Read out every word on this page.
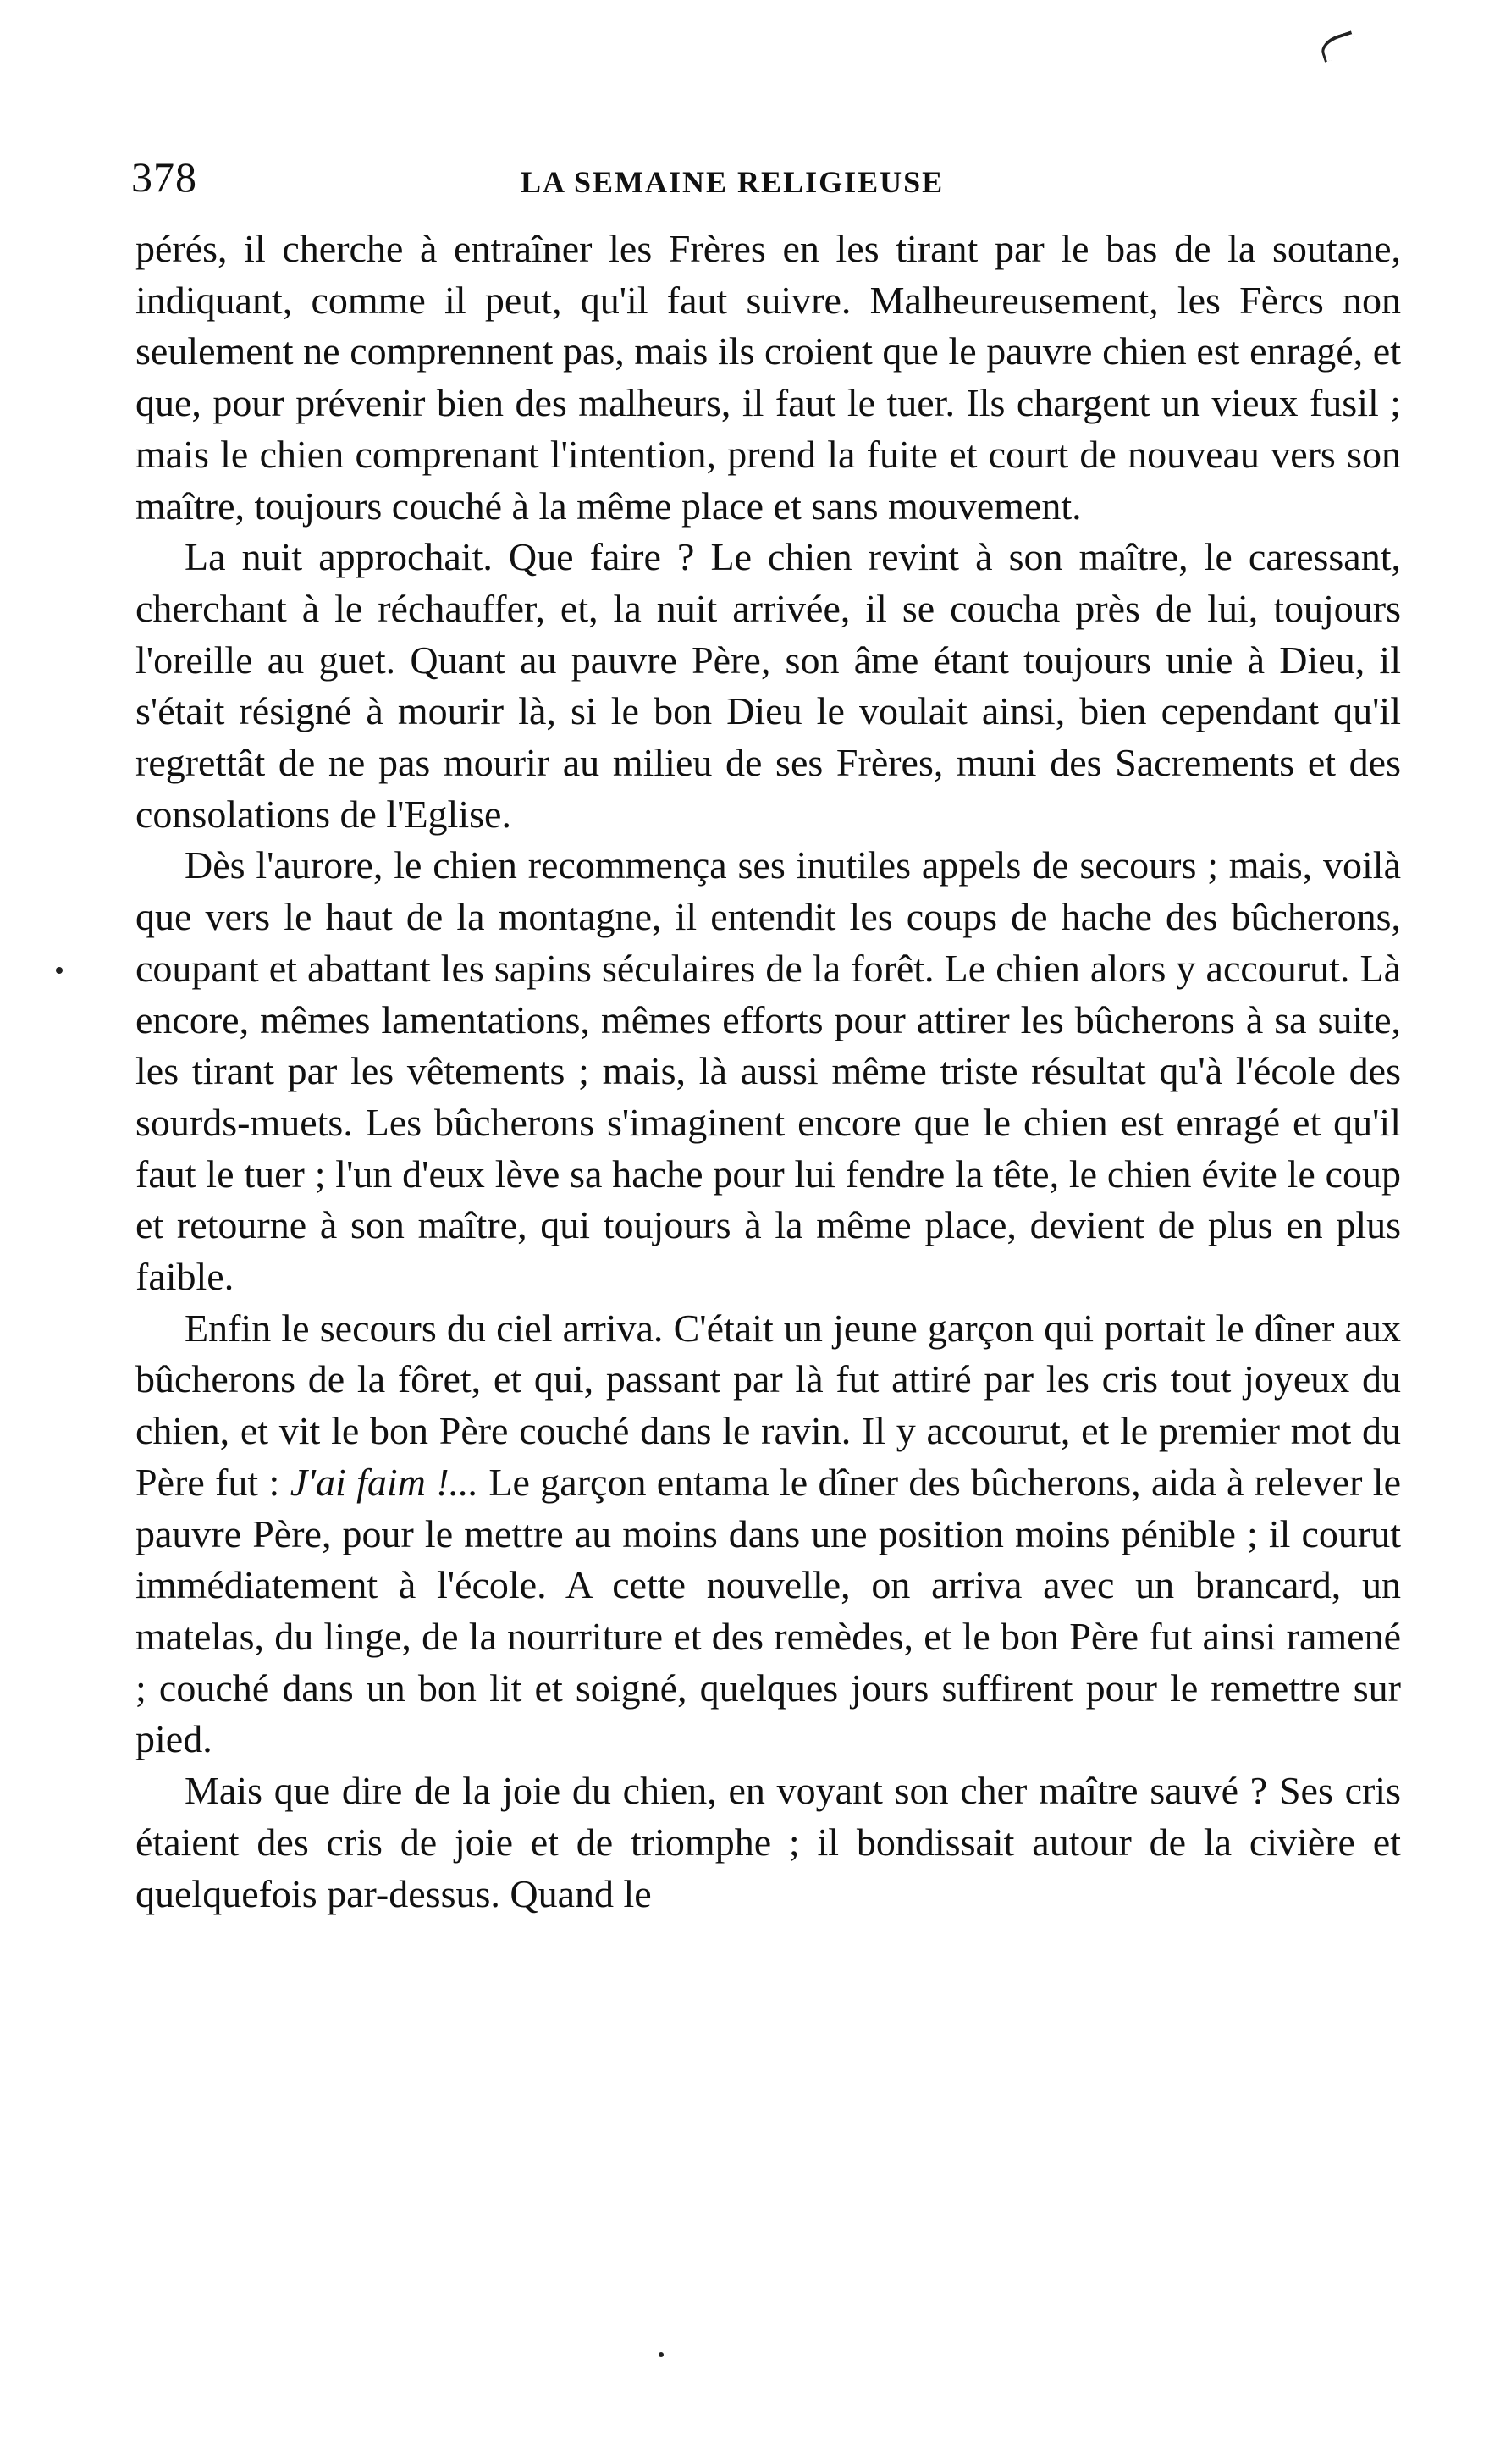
378	LA SEMAINE RELIGIEUSE

pérés, il cherche à entraîner les Frères en les tirant par le bas de la soutane, indiquant, comme il peut, qu'il faut suivre. Malheureusement, les Fèrcs non seulement ne comprennent pas, mais ils croient que le pauvre chien est enragé, et que, pour prévenir bien des malheurs, il faut le tuer. Ils chargent un vieux fusil ; mais le chien comprenant l'intention, prend la fuite et court de nouveau vers son maître, toujours couché à la même place et sans mouvement.

La nuit approchait. Que faire ? Le chien revint à son maître, le caressant, cherchant à le réchauffer, et, la nuit arrivée, il se coucha près de lui, toujours l'oreille au guet. Quant au pauvre Père, son âme étant toujours unie à Dieu, il s'était résigné à mourir là, si le bon Dieu le voulait ainsi, bien cependant qu'il regrettât de ne pas mourir au milieu de ses Frères, muni des Sacrements et des consolations de l'Eglise.

Dès l'aurore, le chien recommença ses inutiles appels de secours ; mais, voilà que vers le haut de la montagne, il entendit les coups de hache des bûcherons, coupant et abattant les sapins séculaires de la forêt. Le chien alors y accourut. Là encore, mêmes lamentations, mêmes efforts pour attirer les bûcherons à sa suite, les tirant par les vêtements ; mais, là aussi même triste résultat qu'à l'école des sourds-muets. Les bûcherons s'imaginent encore que le chien est enragé et qu'il faut le tuer ; l'un d'eux lève sa hache pour lui fendre la tête, le chien évite le coup et retourne à son maître, qui toujours à la même place, devient de plus en plus faible.

Enfin le secours du ciel arriva. C'était un jeune garçon qui portait le dîner aux bûcherons de la fôret, et qui, passant par là fut attiré par les cris tout joyeux du chien, et vit le bon Père couché dans le ravin. Il y accourut, et le premier mot du Père fut : J'ai faim !... Le garçon entama le dîner des bûcherons, aida à relever le pauvre Père, pour le mettre au moins dans une position moins pénible ; il courut immédiatement à l'école. A cette nouvelle, on arriva avec un brancard, un matelas, du linge, de la nourriture et des remèdes, et le bon Père fut ainsi ramené ; couché dans un bon lit et soigné, quelques jours suffirent pour le remettre sur pied.

Mais que dire de la joie du chien, en voyant son cher maître sauvé ? Ses cris étaient des cris de joie et de triomphe ; il bondissait autour de la civière et quelquefois par-dessus. Quand le
